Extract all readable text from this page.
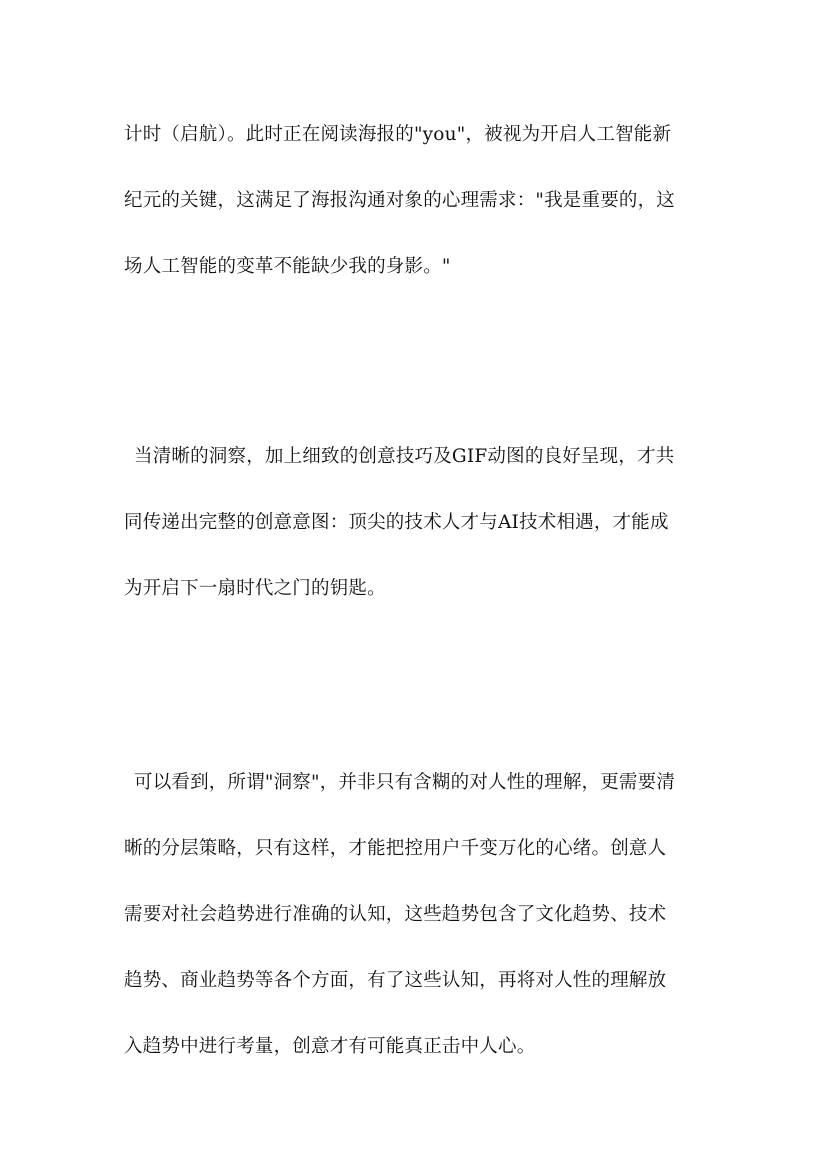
计时（启航）。此时正在阅读海报的"you"，被视为开启人工智能新
纪元的关键，这满足了海报沟通对象的心理需求："我是重要的，这
场人工智能的变革不能缺少我的身影。"
当清晰的洞察，加上细致的创意技巧及GIF动图的良好呈现，才共
同传递出完整的创意意图：顶尖的技术人才与AI技术相遇，才能成
为开启下一扇时代之门的钥匙。
可以看到，所谓"洞察"，并非只有含糊的对人性的理解，更需要清
晰的分层策略，只有这样，才能把控用户千变万化的心绪。创意人
需要对社会趋势进行准确的认知，这些趋势包含了文化趋势、技术
趋势、商业趋势等各个方面，有了这些认知，再将对人性的理解放
入趋势中进行考量，创意才有可能真正击中人心。
